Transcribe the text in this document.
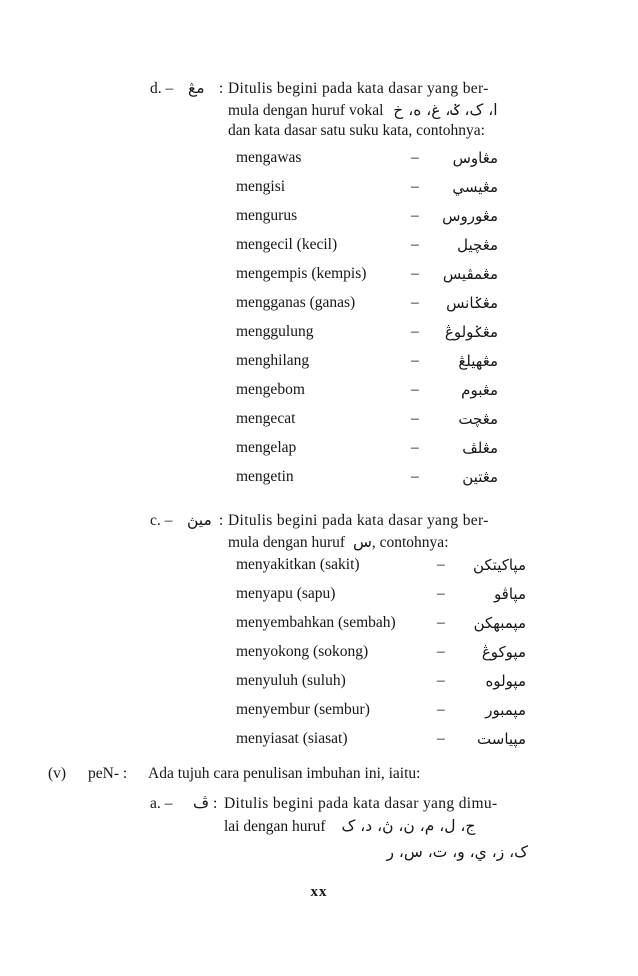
d. – مڠ : Ditulis begini pada kata dasar yang ber-
mula dengan huruf vokal ا، ک، ݢ، غ، ه، خ
dan kata dasar satu suku kata, contohnya:
mengawas	– مڠاوس
mengisi	– مڠيسي
mengurus	– مڠوروس
mengecil (kecil)	–	مڠچيل
mengempis (kempis)	– مڠمڤيس
mengganas (ganas)	– مڠݢانس
menggulung	– مڠݢولوڠ
menghilang	–	مڠهيلڠ
mengebom	–	مڠبوم
mengecat	–	مڠچت
mengelap	–	مڠلڤ
mengetin	–	مڠتين
c. – ميڽ : Ditulis begini pada kata dasar yang ber-
mula dengan huruf س, contohnya:
menyakitkan (sakit)	– مڽاکيتکن
menyapu (sapu)	–	مڽاڤو
menyembahkan (sembah)	– مڽمبهکن
menyokong (sokong)	– مڽوکوڠ
menyuluh (suluh)	–	مڽولوه
menyembur (sembur)	–	مڽمبور
menyiasat (siasat)	– مڽياست
(v) peN- : Ada tujuh cara penulisan imbuhan ini, iaitu:
a. – ڤ : Ditulis begini pada kata dasar yang dimu-
lai dengan huruf ج، ل، م، ن، ڽ، د، ک
ک، ز، ي، و، ت، س، ر
xx
